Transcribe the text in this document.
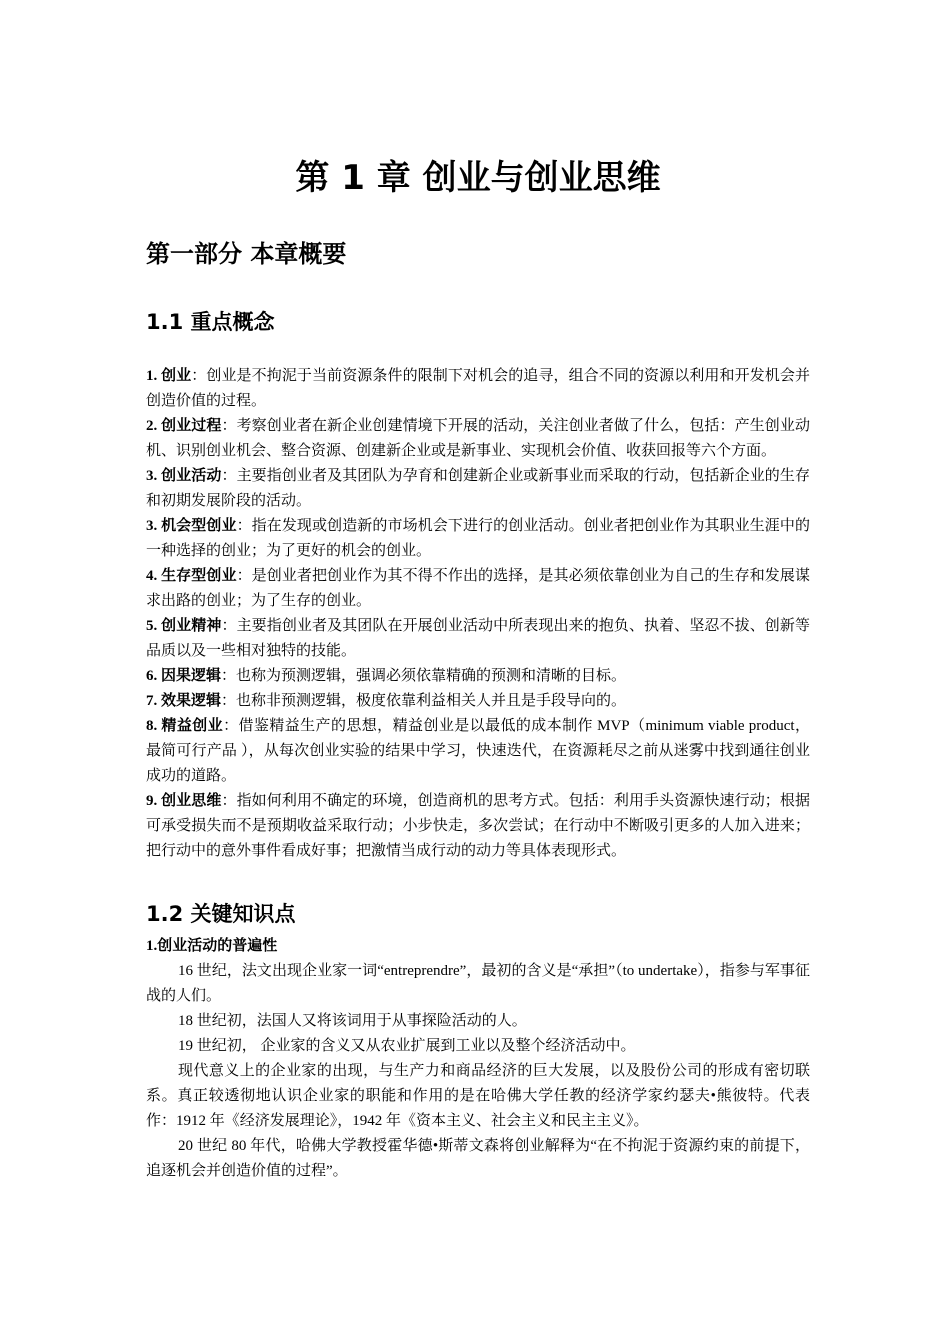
第 1 章 创业与创业思维
第一部分 本章概要
1.1 重点概念

1. 创业：创业是不拘泥于当前资源条件的限制下对机会的追寻，组合不同的资源以利用和开发机会并创造价值的过程。

2. 创业过程：考察创业者在新企业创建情境下开展的活动，关注创业者做了什么，包括：产生创业动机、识别创业机会、整合资源、创建新企业或是新事业、实现机会价值、收获回报等六个方面。

3. 创业活动：主要指创业者及其团队为孕育和创建新企业或新事业而采取的行动，包括新企业的生存和初期发展阶段的活动。

3. 机会型创业：指在发现或创造新的市场机会下进行的创业活动。创业者把创业作为其职业生涯中的一种选择的创业；为了更好的机会的创业。

4. 生存型创业：是创业者把创业作为其不得不作出的选择，是其必须依靠创业为自己的生存和发展谋求出路的创业；为了生存的创业。

5. 创业精神：主要指创业者及其团队在开展创业活动中所表现出来的抱负、执着、坚忍不拔、创新等品质以及一些相对独特的技能。

6. 因果逻辑：也称为预测逻辑，强调必须依靠精确的预测和清晰的目标。

7. 效果逻辑：也称非预测逻辑，极度依靠利益相关人并且是手段导向的。

8. 精益创业：借鉴精益生产的思想，精益创业是以最低的成本制作 MVP（minimum viable product，最简可行产品 ），从每次创业实验的结果中学习，快速迭代，在资源耗尽之前从迷雾中找到通往创业成功的道路。

9. 创业思维：指如何利用不确定的环境，创造商机的思考方式。包括：利用手头资源快速行动；根据可承受损失而不是预期收益采取行动；小步快走，多次尝试；在行动中不断吸引更多的人加入进来；把行动中的意外事件看成好事；把激情当成行动的动力等具体表现形式。

1.2 关键知识点

1.创业活动的普遍性

16 世纪，法文出现企业家一词“entreprendre”，最初的含义是“承担”（to undertake），指参与军事征战的人们。

18 世纪初，法国人又将该词用于从事探险活动的人。

19 世纪初， 企业家的含义又从农业扩展到工业以及整个经济活动中。

现代意义上的企业家的出现，与生产力和商品经济的巨大发展，以及股份公司的形成有密切联系。真正较透彻地认识企业家的职能和作用的是在哈佛大学任教的经济学家约瑟夫•熊彼特。代表作：1912 年《经济发展理论》，1942 年《资本主义、社会主义和民主主义》。

20 世纪 80 年代，哈佛大学教授霍华德•斯蒂文森将创业解释为“在不拘泥于资源约束的前提下，追逐机会并创造价值的过程”。
